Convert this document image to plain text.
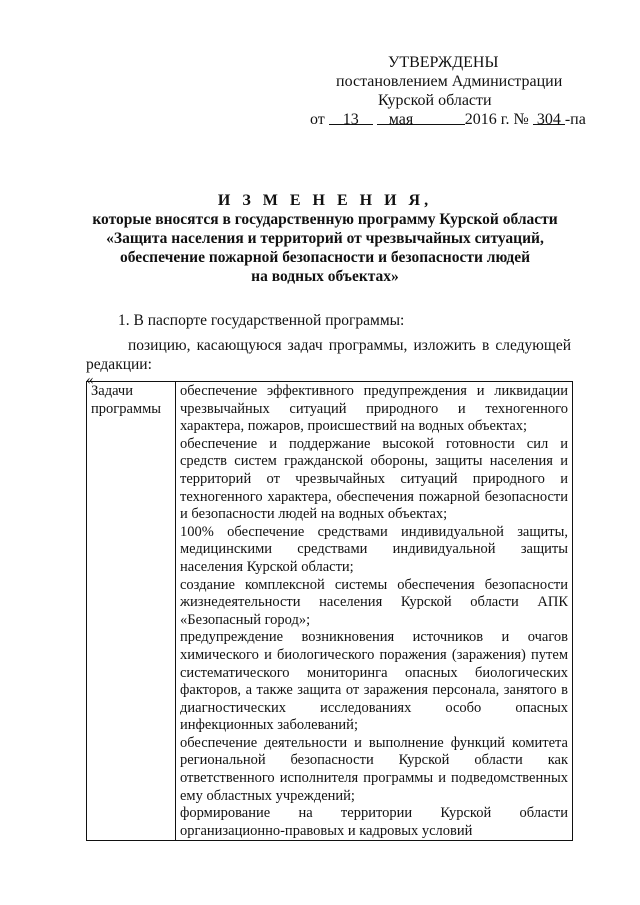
УТВЕРЖДЕНЫ
постановлением Администрации
Курской области
от 13 мая	2016 г. № 304 -па
И З М Е Н Е Н И Я,
которые вносятся в государственную программу Курской области
«Защита населения и территорий от чрезвычайных ситуаций,
обеспечение пожарной безопасности и безопасности людей
на водных объектах»
1. В паспорте государственной программы:
позицию, касающуюся задач программы, изложить в следующей редакции:
«
Задачи программы	
обеспечение эффективного предупреждения и ликвидации чрезвычайных ситуаций природного и техногенного характера, пожаров, происшествий на водных объектах;
обеспечение и поддержание высокой готовности сил и средств систем гражданской обороны, защиты населения и территорий от чрезвычайных ситуаций природного и техногенного характера, обеспечения пожарной безопасности и безопасности людей на водных объектах;
100% обеспечение средствами индивидуальной защиты, медицинскими средствами индивидуальной защиты населения Курской области;
создание комплексной системы обеспечения безопасности жизнедеятельности населения Курской области АПК «Безопасный город»;
предупреждение возникновения источников и очагов химического и биологического поражения (заражения) путем систематического мониторинга опасных биологических факторов, а также защита от заражения персонала, занятого в диагностических исследованиях особо опасных инфекционных заболеваний;
обеспечение деятельности и выполнение функций комитета региональной безопасности Курской области как ответственного исполнителя программы и подведомственных ему областных учреждений;
формирование на территории Курской области организационно-правовых и кадровых условий
